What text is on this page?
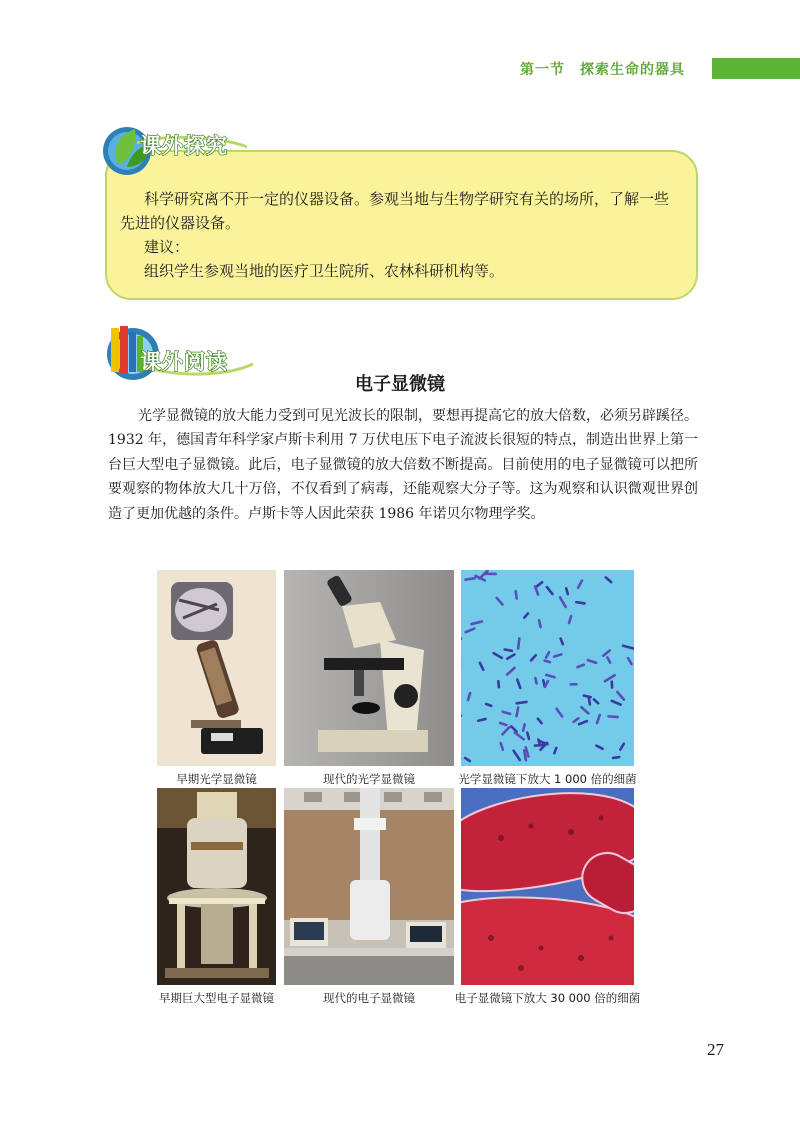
第一节　探索生命的器具
课外探究

科学研究离不开一定的仪器设备。参观当地与生物学研究有关的场所，了解一些先进的仪器设备。

建议：

组织学生参观当地的医疗卫生院所、农林科研机构等。

课外阅读
电子显微镜

光学显微镜的放大能力受到可见光波长的限制，要想再提高它的放大倍数，必须另辟蹊径。1932 年，德国青年科学家卢斯卡利用 7 万伏电压下电子流波长很短的特点，制造出世界上第一台巨大型电子显微镜。此后，电子显微镜的放大倍数不断提高。目前使用的电子显微镜可以把所要观察的物体放大几十万倍，不仅看到了病毒，还能观察大分子等。这为观察和认识微观世界创造了更加优越的条件。卢斯卡等人因此荣获 1986 年诺贝尔物理学奖。

早期光学显微镜	现代的光学显微镜	光学显微镜下放大 1 000 倍的细菌
早期巨大型电子显微镜	现代的电子显微镜	电子显微镜下放大 30 000 倍的细菌
27
